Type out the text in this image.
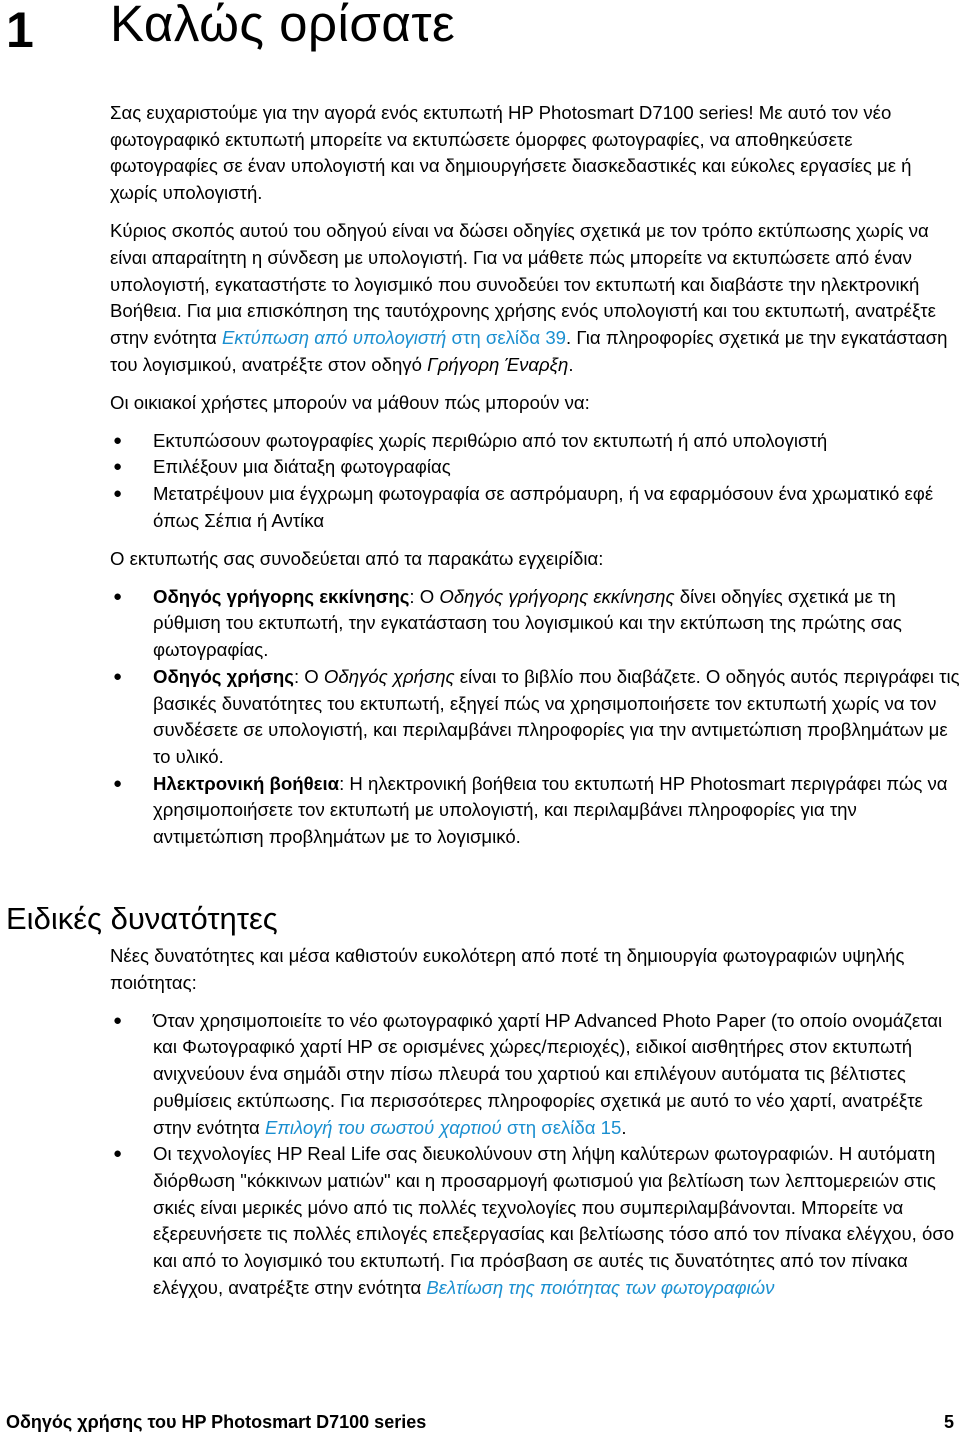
1 Καλώς ορίσατε

Σας ευχαριστούμε για την αγορά ενός εκτυπωτή HP Photosmart D7100 series! Με αυτό τον νέο φωτογραφικό εκτυπωτή μπορείτε να εκτυπώσετε όμορφες φωτογραφίες, να αποθηκεύσετε φωτογραφίες σε έναν υπολογιστή και να δημιουργήσετε διασκεδαστικές και εύκολες εργασίες με ή χωρίς υπολογιστή.

Κύριος σκοπός αυτού του οδηγού είναι να δώσει οδηγίες σχετικά με τον τρόπο εκτύπωσης χωρίς να είναι απαραίτητη η σύνδεση με υπολογιστή. Για να μάθετε πώς μπορείτε να εκτυπώσετε από έναν υπολογιστή, εγκαταστήστε το λογισμικό που συνοδεύει τον εκτυπωτή και διαβάστε την ηλεκτρονική Βοήθεια. Για μια επισκόπηση της ταυτόχρονης χρήσης ενός υπολογιστή και του εκτυπωτή, ανατρέξτε στην ενότητα Εκτύπωση από υπολογιστή στη σελίδα 39. Για πληροφορίες σχετικά με την εγκατάσταση του λογισμικού, ανατρέξτε στον οδηγό Γρήγορη Έναρξη.

Οι οικιακοί χρήστες μπορούν να μάθουν πώς μπορούν να:

● Εκτυπώσουν φωτογραφίες χωρίς περιθώριο από τον εκτυπωτή ή από υπολογιστή
● Επιλέξουν μια διάταξη φωτογραφίας
● Μετατρέψουν μια έγχρωμη φωτογραφία σε ασπρόμαυρη, ή να εφαρμόσουν ένα χρωματικό εφέ όπως Σέπια ή Αντίκα

Ο εκτυπωτής σας συνοδεύεται από τα παρακάτω εγχειρίδια:

● Οδηγός γρήγορης εκκίνησης: Ο Οδηγός γρήγορης εκκίνησης δίνει οδηγίες σχετικά με τη ρύθμιση του εκτυπωτή, την εγκατάσταση του λογισμικού και την εκτύπωση της πρώτης σας φωτογραφίας.
● Οδηγός χρήσης: Ο Οδηγός χρήσης είναι το βιβλίο που διαβάζετε. Ο οδηγός αυτός περιγράφει τις βασικές δυνατότητες του εκτυπωτή, εξηγεί πώς να χρησιμοποιήσετε τον εκτυπωτή χωρίς να τον συνδέσετε σε υπολογιστή, και περιλαμβάνει πληροφορίες για την αντιμετώπιση προβλημάτων με το υλικό.
● Ηλεκτρονική βοήθεια: Η ηλεκτρονική βοήθεια του εκτυπωτή HP Photosmart περιγράφει πώς να χρησιμοποιήσετε τον εκτυπωτή με υπολογιστή, και περιλαμβάνει πληροφορίες για την αντιμετώπιση προβλημάτων με το λογισμικό.
Ειδικές δυνατότητες

Νέες δυνατότητες και μέσα καθιστούν ευκολότερη από ποτέ τη δημιουργία φωτογραφιών υψηλής ποιότητας:

● Όταν χρησιμοποιείτε το νέο φωτογραφικό χαρτί HP Advanced Photo Paper (το οποίο ονομάζεται και Φωτογραφικό χαρτί HP σε ορισμένες χώρες/περιοχές), ειδικοί αισθητήρες στον εκτυπωτή ανιχνεύουν ένα σημάδι στην πίσω πλευρά του χαρτιού και επιλέγουν αυτόματα τις βέλτιστες ρυθμίσεις εκτύπωσης. Για περισσότερες πληροφορίες σχετικά με αυτό το νέο χαρτί, ανατρέξτε στην ενότητα Επιλογή του σωστού χαρτιού στη σελίδα 15.
● Οι τεχνολογίες HP Real Life σας διευκολύνουν στη λήψη καλύτερων φωτογραφιών. Η αυτόματη διόρθωση "κόκκινων ματιών" και η προσαρμογή φωτισμού για βελτίωση των λεπτομερειών στις σκιές είναι μερικές μόνο από τις πολλές τεχνολογίες που συμπεριλαμβάνονται. Μπορείτε να εξερευνήσετε τις πολλές επιλογές επεξεργασίας και βελτίωσης τόσο από τον πίνακα ελέγχου, όσο και από το λογισμικό του εκτυπωτή. Για πρόσβαση σε αυτές τις δυνατότητες από τον πίνακα ελέγχου, ανατρέξτε στην ενότητα Βελτίωση της ποιότητας των φωτογραφιών
Οδηγός χρήσης του HP Photosmart D7100 series	5
